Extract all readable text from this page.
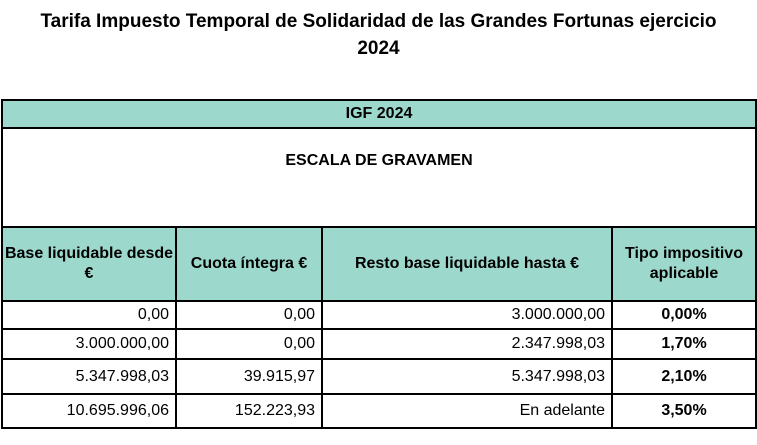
Tarifa Impuesto Temporal de Solidaridad de las Grandes Fortunas ejercicio
2024
IGF 2024			

ESCALA DE GRAVAMEN			

Base liquidable desde €	Cuota íntegra €	Resto base liquidable hasta €	Tipo impositivo aplicable
0,00	0,00	3.000.000,00	0,00%
3.000.000,00	0,00	2.347.998,03	1,70%
5.347.998,03	39.915,97	5.347.998,03	2,10%
10.695.996,06	152.223,93	En adelante	3,50%
